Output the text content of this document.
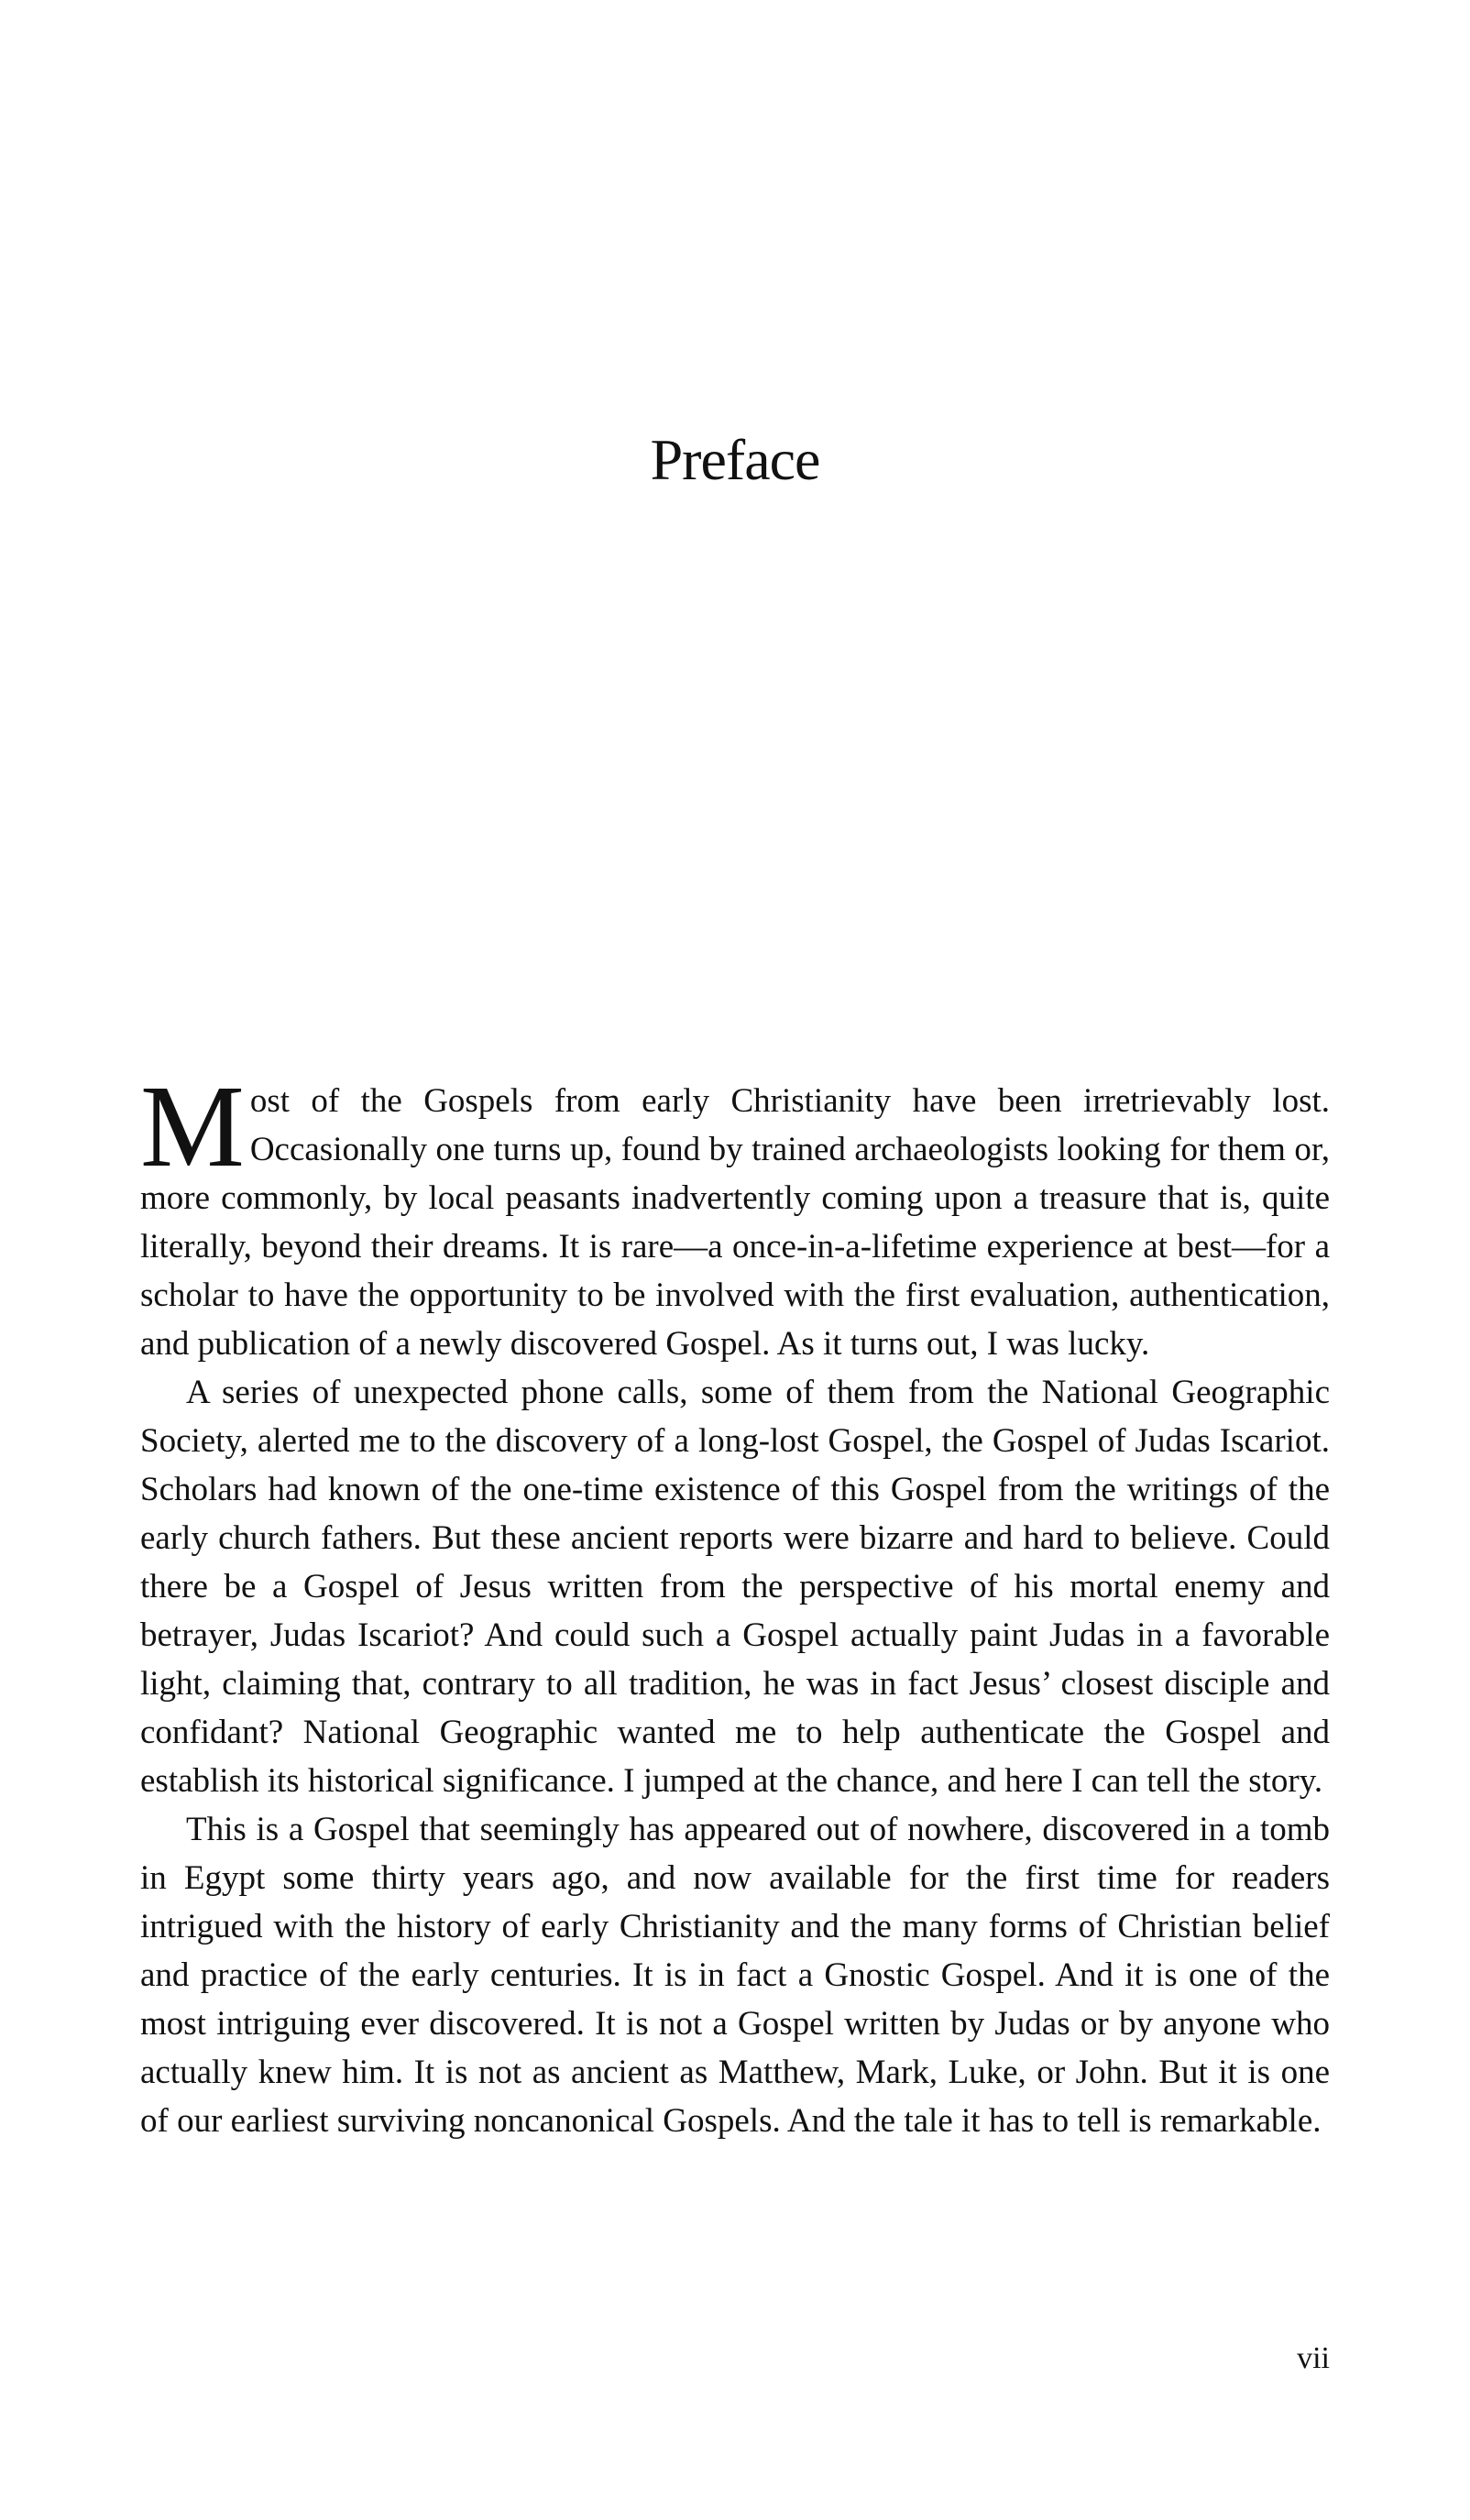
Preface

Most of the Gospels from early Christianity have been irretrievably lost. Occasionally one turns up, found by trained archaeologists looking for them or, more commonly, by local peasants inadvertently coming upon a treasure that is, quite literally, beyond their dreams. It is rare—a once-in-a-lifetime experience at best—for a scholar to have the opportunity to be involved with the first evaluation, authentication, and publication of a newly discovered Gospel. As it turns out, I was lucky.

A series of unexpected phone calls, some of them from the National Geographic Society, alerted me to the discovery of a long-lost Gospel, the Gospel of Judas Iscariot. Scholars had known of the one-time existence of this Gospel from the writings of the early church fathers. But these ancient reports were bizarre and hard to believe. Could there be a Gospel of Jesus written from the perspective of his mortal enemy and betrayer, Judas Iscariot? And could such a Gospel actually paint Judas in a favorable light, claiming that, contrary to all tradition, he was in fact Jesus’ closest disciple and confidant? National Geographic wanted me to help authenticate the Gospel and establish its historical significance. I jumped at the chance, and here I can tell the story.

This is a Gospel that seemingly has appeared out of nowhere, discovered in a tomb in Egypt some thirty years ago, and now available for the first time for readers intrigued with the history of early Christianity and the many forms of Christian belief and practice of the early centuries. It is in fact a Gnostic Gospel. And it is one of the most intriguing ever discovered. It is not a Gospel written by Judas or by anyone who actually knew him. It is not as ancient as Matthew, Mark, Luke, or John. But it is one of our earliest surviving noncanonical Gospels. And the tale it has to tell is remarkable.

vii
